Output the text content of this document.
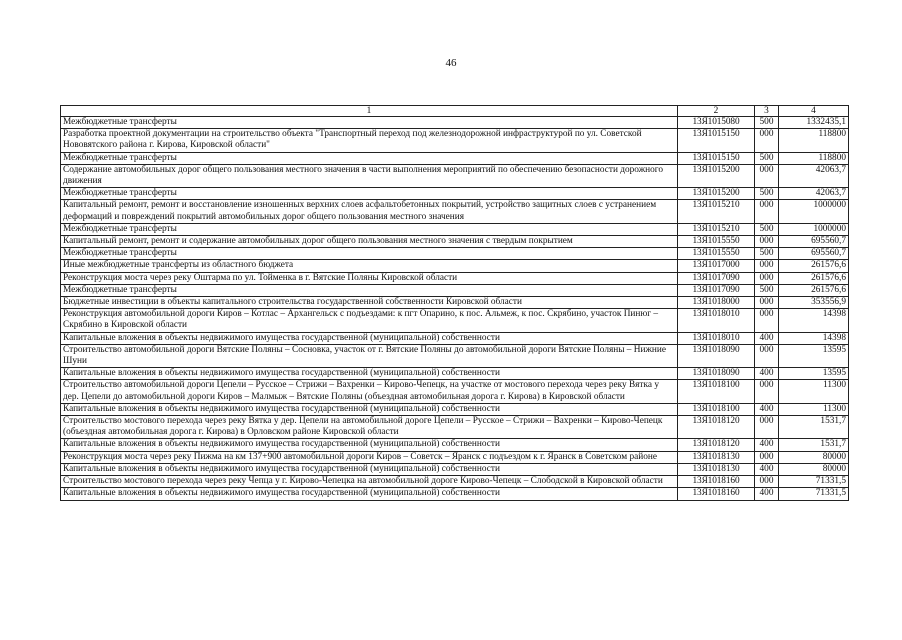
46
1	2	3	4
Межбюджетные трансферты	13Я1015080	500	1332435,1
Разработка проектной документации на строительство объекта "Транспортный переход под железнодорожной инфраструктурой по ул. Советской Нововятского района г. Кирова, Кировской области"	13Я1015150	000	118800
Межбюджетные трансферты	13Я1015150	500	118800
Содержание автомобильных дорог общего пользования местного значения в части выполнения мероприятий по обеспечению безопасности дорожного движения	13Я1015200	000	42063,7
Межбюджетные трансферты	13Я1015200	500	42063,7
Капитальный ремонт, ремонт и восстановление изношенных верхних слоев асфальтобетонных покрытий, устройство защитных слоев с устранением деформаций и повреждений покрытий автомобильных дорог общего пользования местного значения	13Я1015210	000	1000000
Межбюджетные трансферты	13Я1015210	500	1000000
Капитальный ремонт, ремонт и содержание автомобильных дорог общего пользования местного значения с твердым покрытием	13Я1015550	000	695560,7
Межбюджетные трансферты	13Я1015550	500	695560,7
Иные межбюджетные трансферты из областного бюджета	13Я1017000	000	261576,6
Реконструкция моста через реку Оштарма по ул. Тойменка в г. Вятские Поляны Кировской области	13Я1017090	000	261576,6
Межбюджетные трансферты	13Я1017090	500	261576,6
Бюджетные инвестиции в объекты капитального строительства государственной собственности Кировской области	13Я1018000	000	353556,9
Реконструкция автомобильной дороги Киров – Котлас – Архангельск с подъездами: к пгт Опарино, к пос. Альмеж, к пос. Скрябино, участок Пинюг – Скрябино в Кировской области	13Я1018010	000	14398
Капитальные вложения в объекты недвижимого имущества государственной (муниципальной) собственности	13Я1018010	400	14398
Строительство автомобильной дороги Вятские Поляны – Сосновка, участок от г. Вятские Поляны до автомобильной дороги Вятские Поляны – Нижние Шуни	13Я1018090	000	13595
Капитальные вложения в объекты недвижимого имущества государственной (муниципальной) собственности	13Я1018090	400	13595
Строительство автомобильной дороги Цепели – Русское – Стрижи – Вахренки – Кирово-Чепецк, на участке от мостового перехода через реку Вятка у дер. Цепели до автомобильной дороги Киров – Малмыж – Вятские Поляны (объездная автомобильная дорога г. Кирова) в Кировской области	13Я1018100	000	11300
Капитальные вложения в объекты недвижимого имущества государственной (муниципальной) собственности	13Я1018100	400	11300
Строительство мостового перехода через реку Вятка у дер. Цепели на автомобильной дороге Цепели – Русское – Стрижи – Вахренки – Кирово-Чепецк (объездная автомобильная дорога г. Кирова) в Орловском районе Кировской области	13Я1018120	000	1531,7
Капитальные вложения в объекты недвижимого имущества государственной (муниципальной) собственности	13Я1018120	400	1531,7
Реконструкция моста через реку Пижма на км 137+900 автомобильной дороги Киров – Советск – Яранск с подъездом к г. Яранск в Советском районе	13Я1018130	000	80000
Капитальные вложения в объекты недвижимого имущества государственной (муниципальной) собственности	13Я1018130	400	80000
Строительство мостового перехода через реку Чепца у г. Кирово-Чепецка на автомобильной дороге Кирово-Чепецк – Слободской в Кировской области	13Я1018160	000	71331,5
Капитальные вложения в объекты недвижимого имущества государственной (муниципальной) собственности	13Я1018160	400	71331,5
